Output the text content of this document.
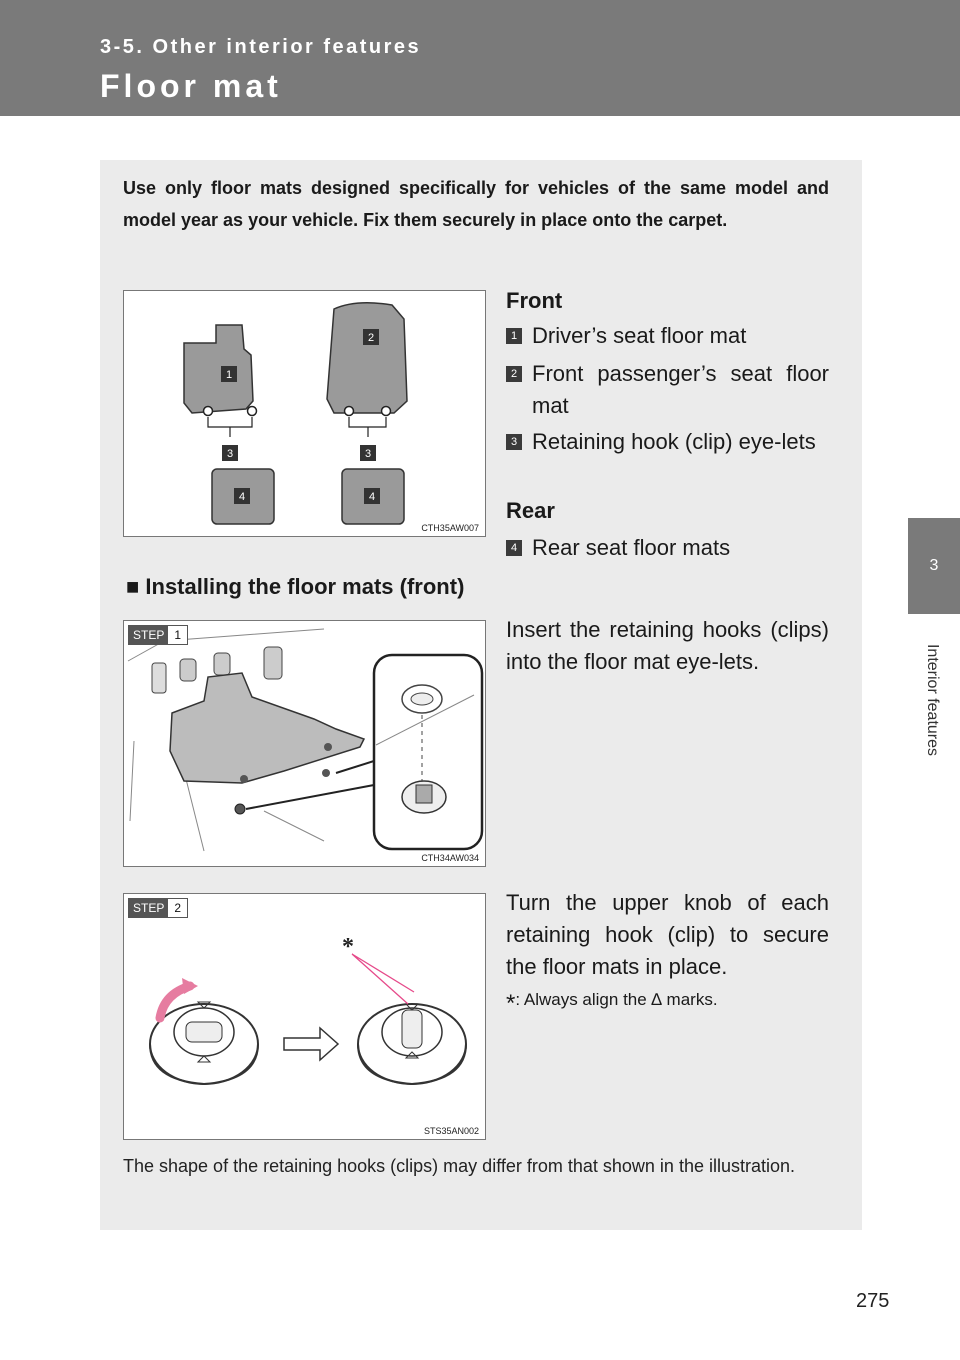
3-5. Other interior features
Floor mat
3
Interior features
Use only floor mats designed specifically for vehicles of the same model and model year as your vehicle. Fix them securely in place onto the carpet.
1
2
3	3
4	4
CTH35AW007
Front
1 Driver’s seat floor mat
2 Front passenger’s seat floor mat
3 Retaining hook (clip) eye-lets
Rear
4 Rear seat floor mats
■ Installing the floor mats (front)
STEP 1
CTH34AW034
Insert the retaining hooks (clips) into the floor mat eye-lets.
*
STEP 2
STS35AN002
Turn the upper knob of each retaining hook (clip) to secure the floor mats in place.
*: Always align the ∆ marks.
The shape of the retaining hooks (clips) may differ from that shown in the illustration.
275
